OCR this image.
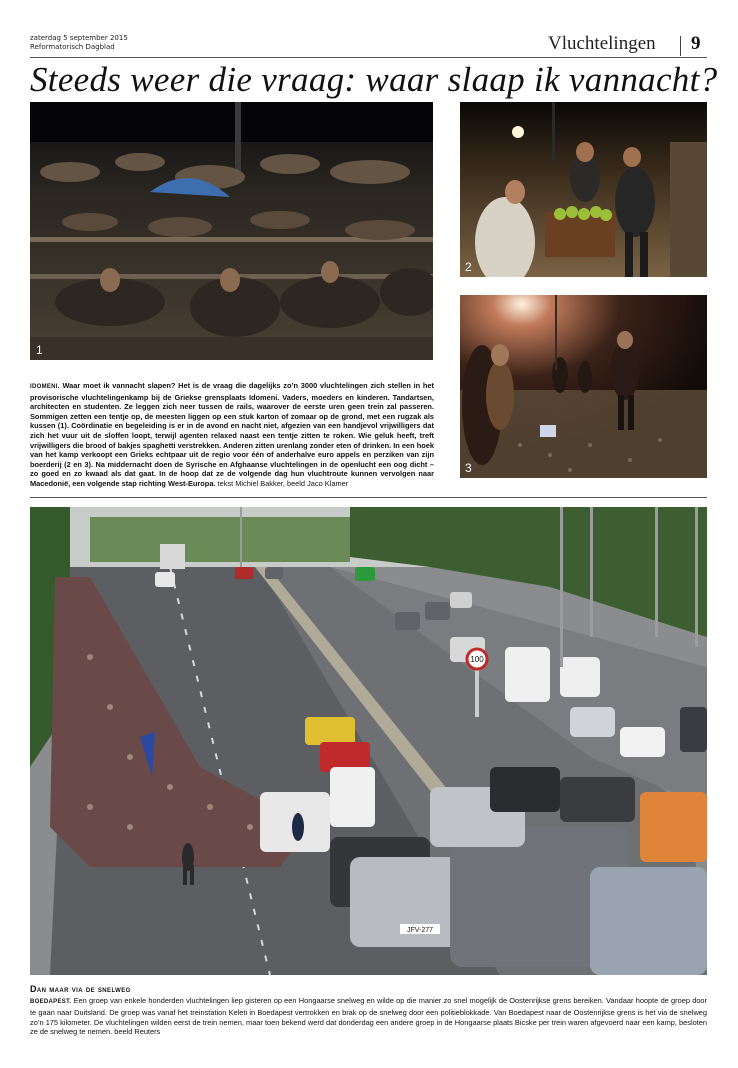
zaterdag 5 september 2015
Reformatorisch Dagblad	Vluchtelingen 9
Steeds weer die vraag: waar slaap ik vannacht?
1
2
3
IDOMENI. Waar moet ik vannacht slapen? Het is de vraag die dagelijks zo’n 3000 vluchtelingen zich stellen in het provisorische vluchtelingenkamp bij de Griekse grensplaats Idomeni. Vaders, moeders en kinderen. Tandartsen, architecten en studenten. Ze leggen zich neer tussen de rails, waarover de eerste uren geen trein zal passeren. Sommigen zetten een tentje op, de meesten liggen op een stuk karton of zomaar op de grond, met een rugzak als kussen (1). Coördinatie en begeleiding is er in de avond en nacht niet, afgezien van een handjevol vrijwilligers dat zich het vuur uit de sloffen loopt, terwijl agenten relaxed naast een tentje zitten te roken. Wie geluk heeft, treft vrijwilligers die brood of bakjes spaghetti verstrekken. Anderen zitten urenlang zonder eten of drinken. In een hoek van het kamp verkoopt een Grieks echtpaar uit de regio voor één of anderhalve euro appels en perziken van zijn boerderij (2 en 3). Na middernacht doen de Syrische en Afghaanse vluchtelingen in de openlucht een oog dicht – zo goed en zo kwaad als dat gaat. In de hoop dat ze de volgende dag hun vluchtroute kunnen vervolgen naar Macedonië, een volgende stap richting West-Europa. tekst Michiel Bakker, beeld Jaco Klamer
100
JFV-277
Dan maar via de snelweg
BOEDAPEST. Een groep van enkele honderden vluchtelingen liep gisteren op een Hongaarse snelweg en wilde op die manier zo snel mogelijk de Oostenrijkse grens bereiken. Vandaar hoopte de groep door te gaan naar Duitsland. De groep was vanaf het treinstation Keleti in Boedapest vertrokken en brak op de snelweg door een politieblokkade. Van Boedapest naar de Oostenrijkse grens is het via de snelweg zo’n 175 kilometer. De vluchtelingen wilden eerst de trein nemen, maar toen bekend werd dat donderdag een andere groep in de Hongaarse plaats Bicske per trein waren afgevoerd naar een kamp, besloten ze de snelweg te nemen. beeld Reuters
